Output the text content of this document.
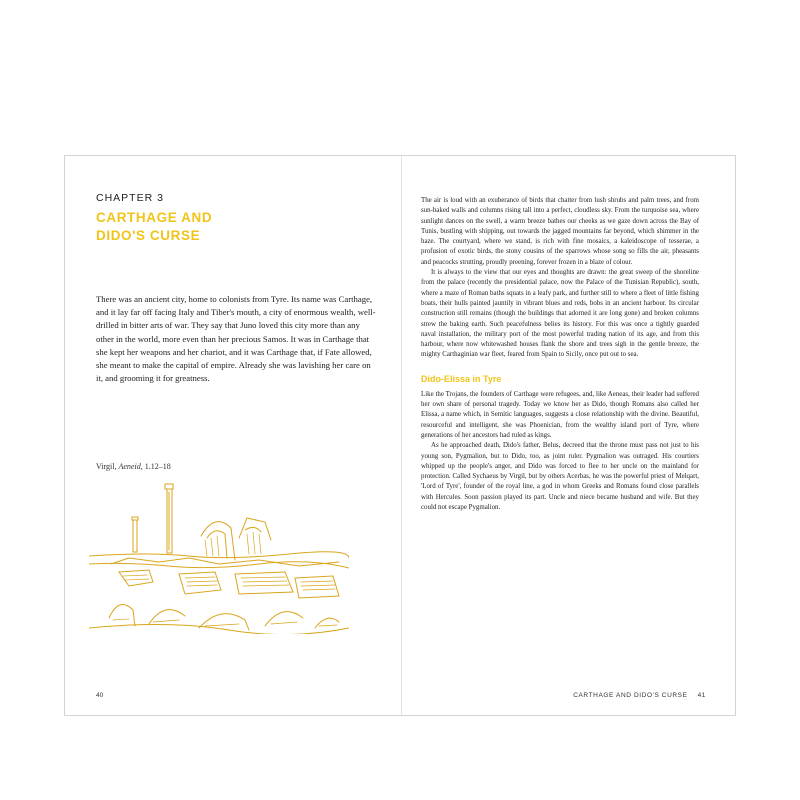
CHAPTER 3
CARTHAGE AND
DIDO'S CURSE

There was an ancient city, home to colonists from Tyre. Its name was Carthage, and it lay far off facing Italy and Tiber's mouth, a city of enormous wealth, well-drilled in bitter arts of war. They say that Juno loved this city more than any other in the world, more even than her precious Samos. It was in Carthage that she kept her weapons and her chariot, and it was Carthage that, if Fate allowed, she meant to make the capital of empire. Already she was lavishing her care on it, and grooming it for greatness.

Virgil, Aeneid, 1.12–18
40

The air is loud with an exuberance of birds that chatter from lush shrubs and palm trees, and from sun-baked walls and columns rising tall into a perfect, cloudless sky. From the turquoise sea, where sunlight dances on the swell, a warm breeze bathes our cheeks as we gaze down across the Bay of Tunis, bustling with shipping, out towards the jagged mountains far beyond, which shimmer in the haze. The courtyard, where we stand, is rich with fine mosaics, a kaleidoscope of tesserae, a profusion of exotic birds, the stony cousins of the sparrows whose song so fills the air, pheasants and peacocks strutting, proudly preening, forever frozen in a blaze of colour.

It is always to the view that our eyes and thoughts are drawn: the great sweep of the shoreline from the palace (recently the presidential palace, now the Palace of the Tunisian Republic), south, where a maze of Roman baths squats in a leafy park, and further still to where a fleet of little fishing boats, their hulls painted jauntily in vibrant blues and reds, bobs in an ancient harbour. Its circular construction still remains (though the buildings that adorned it are long gone) and broken columns strew the baking earth. Such peacefulness belies its history. For this was once a tightly guarded naval installation, the military port of the most powerful trading nation of its age, and from this harbour, where now whitewashed houses flank the shore and trees sigh in the gentle breeze, the mighty Carthaginian war fleet, feared from Spain to Sicily, once put out to sea.

Dido-Elissa in Tyre

Like the Trojans, the founders of Carthage were refugees, and, like Aeneas, their leader had suffered her own share of personal tragedy. Today we know her as Dido, though Romans also called her Elissa, a name which, in Semitic languages, suggests a close relationship with the divine. Beautiful, resourceful and intelligent, she was Phoenician, from the wealthy island port of Tyre, where generations of her ancestors had ruled as kings.

As he approached death, Dido's father, Belus, decreed that the throne must pass not just to his young son, Pygmalion, but to Dido, too, as joint ruler. Pygmalion was outraged. His courtiers whipped up the people's anger, and Dido was forced to flee to her uncle on the mainland for protection. Called Sychaeus by Virgil, but by others Acerbas, he was the powerful priest of Melqart, 'Lord of Tyre', founder of the royal line, a god in whom Greeks and Romans found close parallels with Hercules. Soon passion played its part. Uncle and niece became husband and wife. But they could not escape Pygmalion.

CARTHAGE AND DIDO'S CURSE 41
